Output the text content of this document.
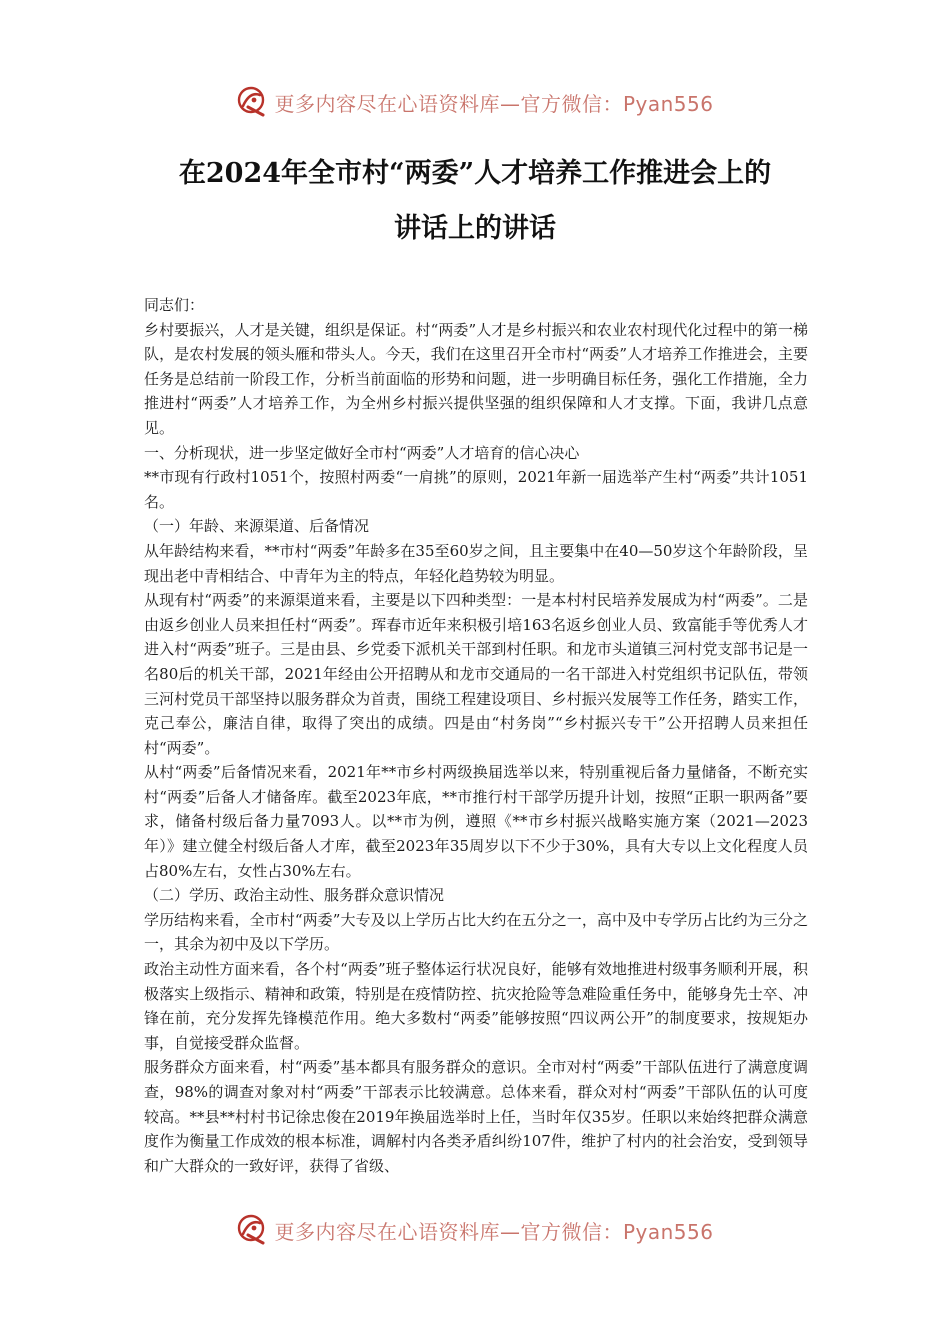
更多内容尽在心语资料库—官方微信：Pyan556
在2024年全市村“两委”人才培养工作推进会上的
讲话上的讲话

同志们：

乡村要振兴，人才是关键，组织是保证。村“两委”人才是乡村振兴和农业农村现代化过程中的第一梯队，是农村发展的领头雁和带头人。今天，我们在这里召开全市村“两委”人才培养工作推进会，主要任务是总结前一阶段工作，分析当前面临的形势和问题，进一步明确目标任务，强化工作措施，全力推进村“两委”人才培养工作，为全州乡村振兴提供坚强的组织保障和人才支撑。下面，我讲几点意见。

一、分析现状，进一步坚定做好全市村“两委”人才培育的信心决心

**市现有行政村1051个，按照村两委“一肩挑”的原则，2021年新一届选举产生村“两委”共计1051名。

（一）年龄、来源渠道、后备情况

从年龄结构来看，**市村“两委”年龄多在35至60岁之间，且主要集中在40—50岁这个年龄阶段，呈现出老中青相结合、中青年为主的特点，年轻化趋势较为明显。

从现有村“两委”的来源渠道来看，主要是以下四种类型：一是本村村民培养发展成为村“两委”。二是由返乡创业人员来担任村“两委”。珲春市近年来积极引培163名返乡创业人员、致富能手等优秀人才进入村“两委”班子。三是由县、乡党委下派机关干部到村任职。和龙市头道镇三河村党支部书记是一名80后的机关干部，2021年经由公开招聘从和龙市交通局的一名干部进入村党组织书记队伍，带领三河村党员干部坚持以服务群众为首责，围绕工程建设项目、乡村振兴发展等工作任务，踏实工作，克己奉公，廉洁自律，取得了突出的成绩。四是由“村务岗”“乡村振兴专干”公开招聘人员来担任村“两委”。

从村“两委”后备情况来看，2021年**市乡村两级换届选举以来，特别重视后备力量储备，不断充实村“两委”后备人才储备库。截至2023年底，**市推行村干部学历提升计划，按照“正职一职两备”要求，储备村级后备力量7093人。以**市为例，遵照《**市乡村振兴战略实施方案（2021—2023年）》建立健全村级后备人才库，截至2023年35周岁以下不少于30%，具有大专以上文化程度人员占80%左右，女性占30%左右。

（二）学历、政治主动性、服务群众意识情况

学历结构来看，全市村“两委”大专及以上学历占比大约在五分之一，高中及中专学历占比约为三分之一，其余为初中及以下学历。

政治主动性方面来看，各个村“两委”班子整体运行状况良好，能够有效地推进村级事务顺利开展，积极落实上级指示、精神和政策，特别是在疫情防控、抗灾抢险等急难险重任务中，能够身先士卒、冲锋在前，充分发挥先锋模范作用。绝大多数村“两委”能够按照“四议两公开”的制度要求，按规矩办事，自觉接受群众监督。

服务群众方面来看，村“两委”基本都具有服务群众的意识。全市对村“两委”干部队伍进行了满意度调查，98%的调查对象对村“两委”干部表示比较满意。总体来看，群众对村“两委”干部队伍的认可度较高。**县**村村书记徐忠俊在2019年换届选举时上任，当时年仅35岁。任职以来始终把群众满意度作为衡量工作成效的根本标准，调解村内各类矛盾纠纷107件，维护了村内的社会治安，受到领导和广大群众的一致好评，获得了省级、

更多内容尽在心语资料库—官方微信：Pyan556
